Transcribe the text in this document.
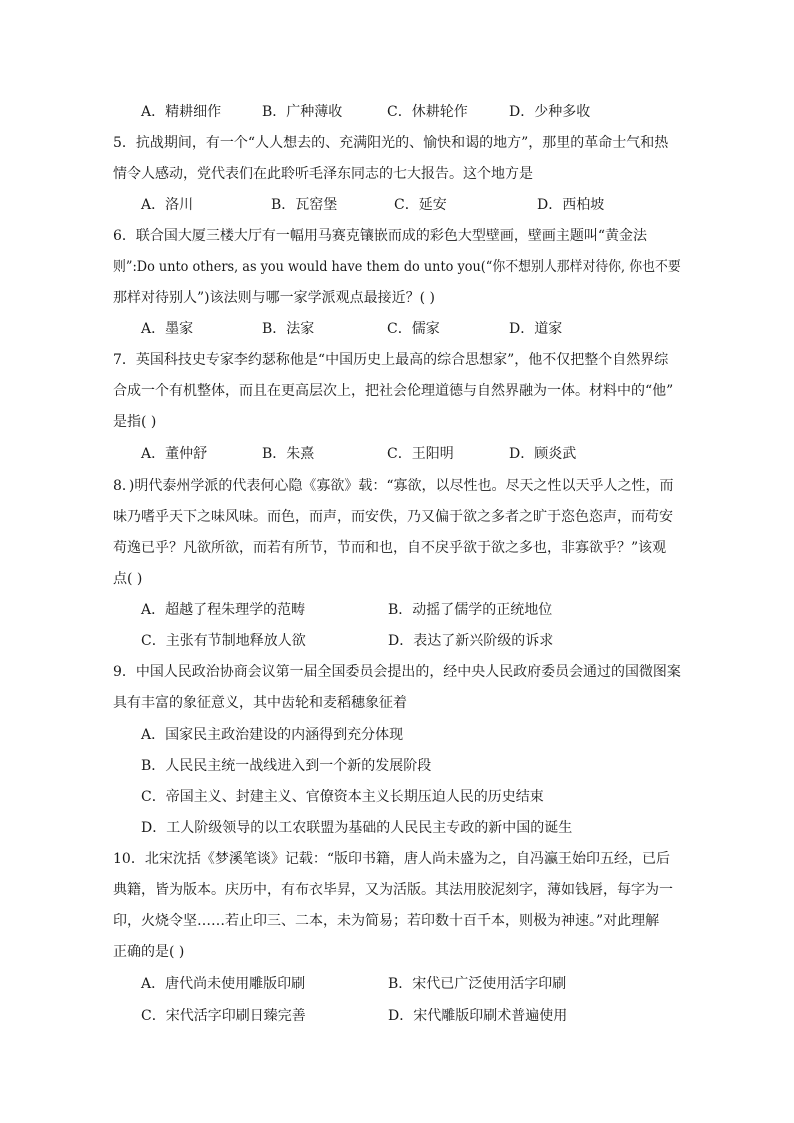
A．精耕细作	B．广种薄收	C．休耕轮作	D．少种多收
5．抗战期间，有一个“人人想去的、充满阳光的、愉快和谒的地方”，那里的革命士气和热
情令人感动，党代表们在此聆听毛泽东同志的七大报告。这个地方是
A．洛川	B．瓦窑堡	C．延安	D．西柏坡
6．联合国大厦三楼大厅有一幅用马赛克镶嵌而成的彩色大型壁画，壁画主题叫“黄金法
则”:Do unto others, as you would have them do unto you(“你不想别人那样对待你, 你也不要
那样对待别人”)该法则与哪一家学派观点最接近？( )
A．墨家	B．法家	C．儒家	D．道家
7．英国科技史专家李约瑟称他是“中国历史上最高的综合思想家”，他不仅把整个自然界综
合成一个有机整体，而且在更高层次上，把社会伦理道德与自然界融为一体。材料中的“他”
是指( )
A．董仲舒	B．朱熹	C．王阳明	D．顾炎武
8．)明代泰州学派的代表何心隐《寡欲》载：“寡欲，以尽性也。尽天之性以天乎人之性，而
味乃嗜乎天下之味风味。而色，而声，而安佚，乃又偏于欲之多者之旷于恣色恣声，而苟安
苟逸已乎？凡欲所欲，而若有所节，节而和也，自不戾乎欲于欲之多也，非寡欲乎？”该观
点( )
A．超越了程朱理学的范畴	B．动摇了儒学的正统地位
C．主张有节制地释放人欲	D．表达了新兴阶级的诉求
9．中国人民政治协商会议第一届全国委员会提出的，经中央人民政府委员会通过的国微图案
具有丰富的象征意义，其中齿轮和麦稻穗象征着
A．国家民主政治建设的内涵得到充分体现
B．人民民主统一战线进入到一个新的发展阶段
C．帝国主义、封建主义、官僚资本主义长期压迫人民的历史结束
D．工人阶级领导的以工农联盟为基础的人民民主专政的新中国的诞生
10．北宋沈括《梦溪笔谈》记载：“版印书籍，唐人尚未盛为之，自冯瀛王始印五经，已后
典籍，皆为版本。庆历中，有布衣毕昇，又为活版。其法用胶泥刻字，薄如钱唇，每字为一
印，火烧令坚……若止印三、二本，未为简易；若印数十百千本，则极为神速。”对此理解
正确的是( )
A．唐代尚未使用雕版印刷	B．宋代已广泛使用活字印刷
C．宋代活字印刷日臻完善	D．宋代雕版印刷术普遍使用
